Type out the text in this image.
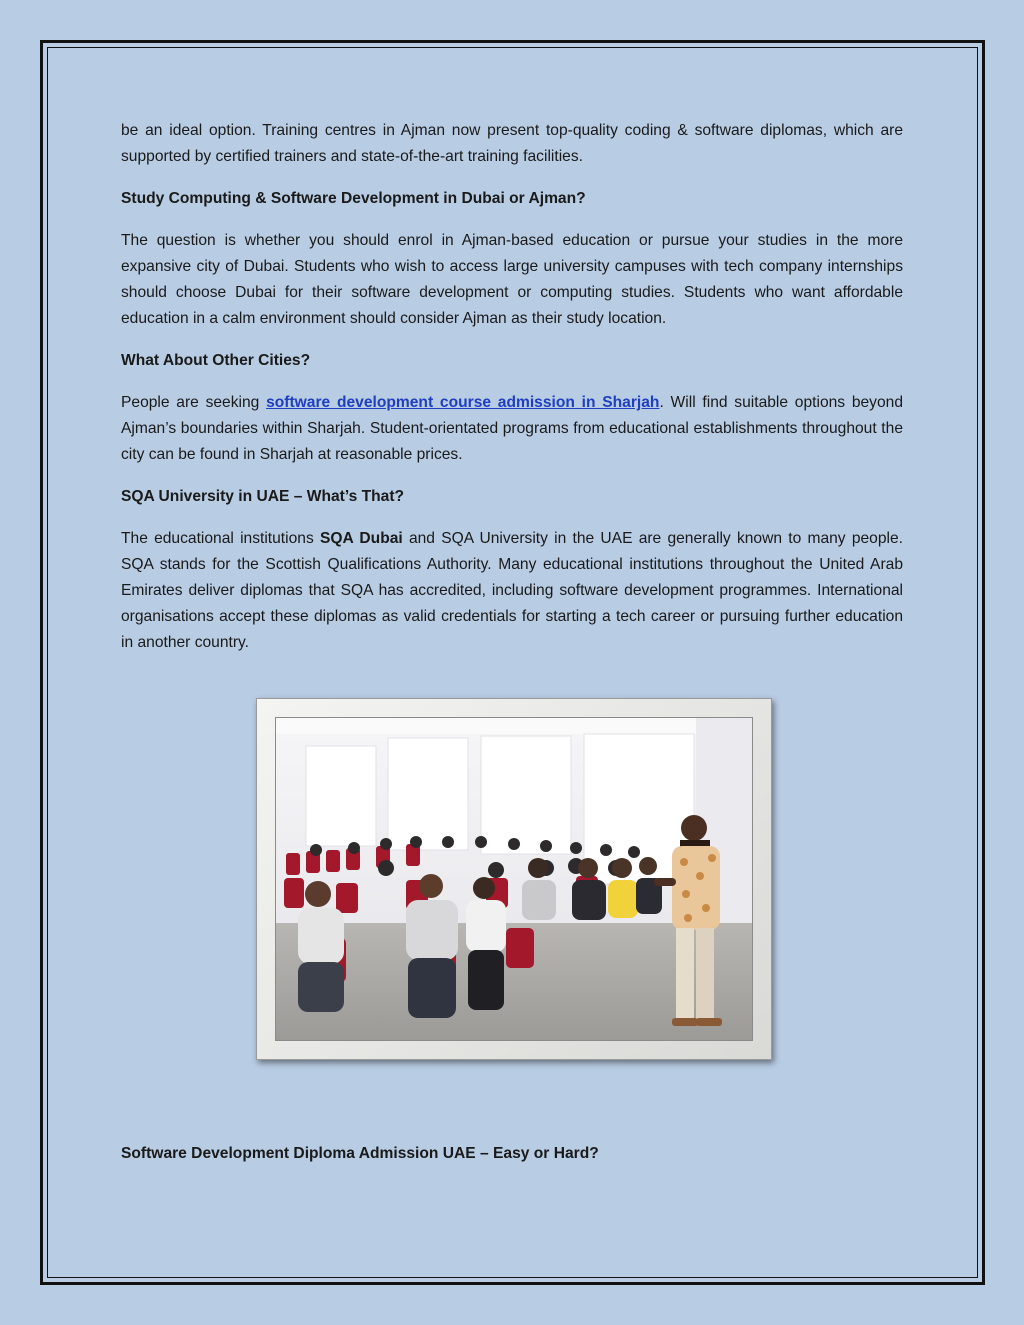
be an ideal option. Training centres in Ajman now present top-quality coding & software diplomas, which are supported by certified trainers and state-of-the-art training facilities.

Study Computing & Software Development in Dubai or Ajman?

The question is whether you should enrol in Ajman-based education or pursue your studies in the more expansive city of Dubai. Students who wish to access large university campuses with tech company internships should choose Dubai for their software development or computing studies. Students who want affordable education in a calm environment should consider Ajman as their study location.

What About Other Cities?

People are seeking software development course admission in Sharjah. Will find suitable options beyond Ajman’s boundaries within Sharjah. Student-orientated programs from educational establishments throughout the city can be found in Sharjah at reasonable prices.

SQA University in UAE – What’s That?

The educational institutions SQA Dubai and SQA University in the UAE are generally known to many people. SQA stands for the Scottish Qualifications Authority. Many educational institutions throughout the United Arab Emirates deliver diplomas that SQA has accredited, including software development programmes. International organisations accept these diplomas as valid credentials for starting a tech career or pursuing further education in another country.

Software Development Diploma Admission UAE – Easy or Hard?
